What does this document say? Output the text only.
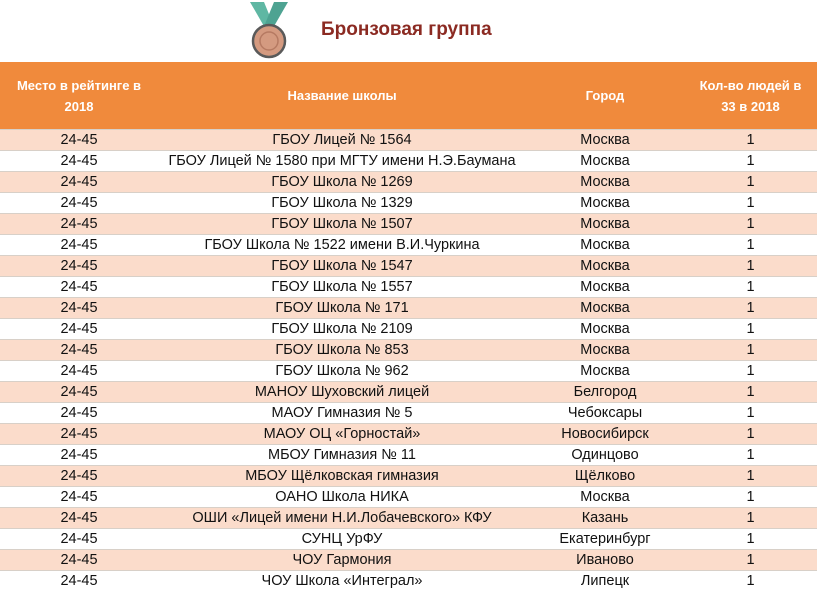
Бронзовая группа
Место в рейтинге в 2018	Название школы	Город	Кол-во людей в 33 в 2018
24-45	ГБОУ Лицей № 1564	Москва	1
24-45	ГБОУ Лицей № 1580 при МГТУ имени Н.Э.Баумана	Москва	1
24-45	ГБОУ Школа № 1269	Москва	1
24-45	ГБОУ Школа № 1329	Москва	1
24-45	ГБОУ Школа № 1507	Москва	1
24-45	ГБОУ Школа № 1522 имени В.И.Чуркина	Москва	1
24-45	ГБОУ Школа № 1547	Москва	1
24-45	ГБОУ Школа № 1557	Москва	1
24-45	ГБОУ Школа № 171	Москва	1
24-45	ГБОУ Школа № 2109	Москва	1
24-45	ГБОУ Школа № 853	Москва	1
24-45	ГБОУ Школа № 962	Москва	1
24-45	МАНОУ Шуховский лицей	Белгород	1
24-45	МАОУ Гимназия № 5	Чебоксары	1
24-45	МАОУ ОЦ «Горностай»	Новосибирск	1
24-45	МБОУ Гимназия № 11	Одинцово	1
24-45	МБОУ Щёлковская гимназия	Щёлково	1
24-45	ОАНО Школа НИКА	Москва	1
24-45	ОШИ «Лицей имени Н.И.Лобачевского» КФУ	Казань	1
24-45	СУНЦ УрФУ	Екатеринбург	1
24-45	ЧОУ Гармония	Иваново	1
24-45	ЧОУ Школа «Интеграл»	Липецк	1
